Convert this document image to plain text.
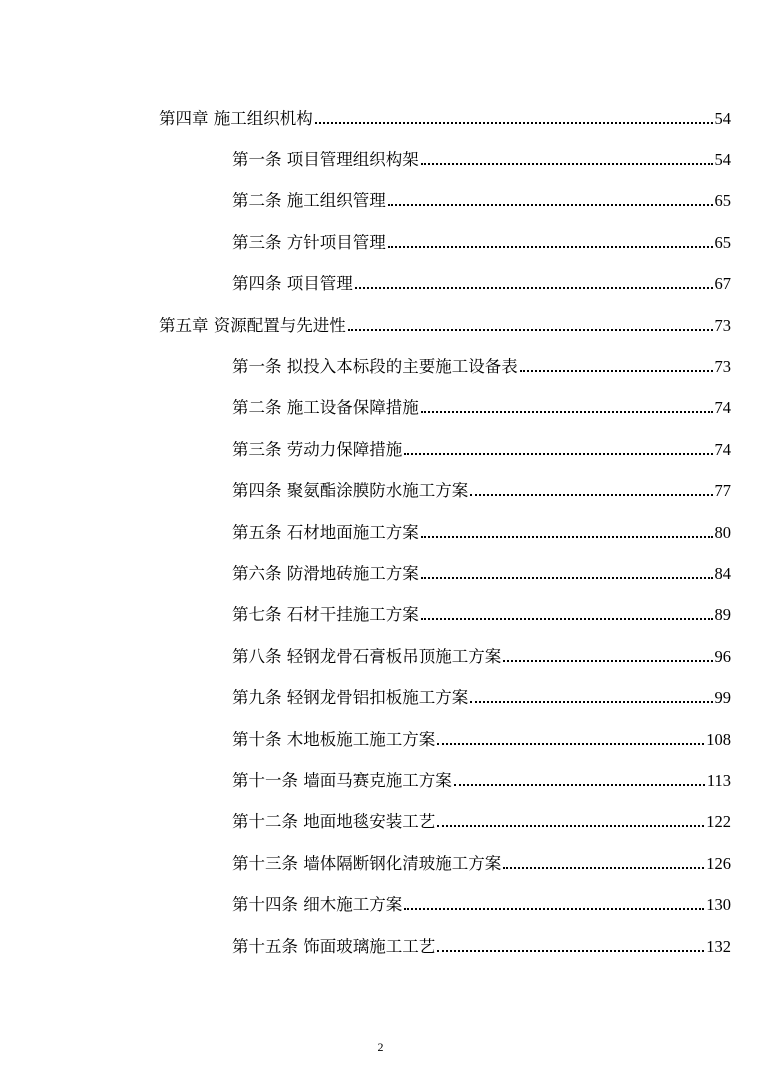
第四章 施工组织机构	54
第一条 项目管理组织构架	54
第二条 施工组织管理	65
第三条 方针项目管理	65
第四条 项目管理	67
第五章 资源配置与先进性	73
第一条 拟投入本标段的主要施工设备表	73
第二条 施工设备保障措施	74
第三条 劳动力保障措施	74
第四条 聚氨酯涂膜防水施工方案	77
第五条 石材地面施工方案	80
第六条 防滑地砖施工方案	84
第七条 石材干挂施工方案	89
第八条 轻钢龙骨石膏板吊顶施工方案	96
第九条 轻钢龙骨铝扣板施工方案	99
第十条 木地板施工施工方案	108
第十一条 墙面马赛克施工方案	113
第十二条 地面地毯安装工艺	122
第十三条 墙体隔断钢化清玻施工方案	126
第十四条 细木施工方案	130
第十五条 饰面玻璃施工工艺	132
2
